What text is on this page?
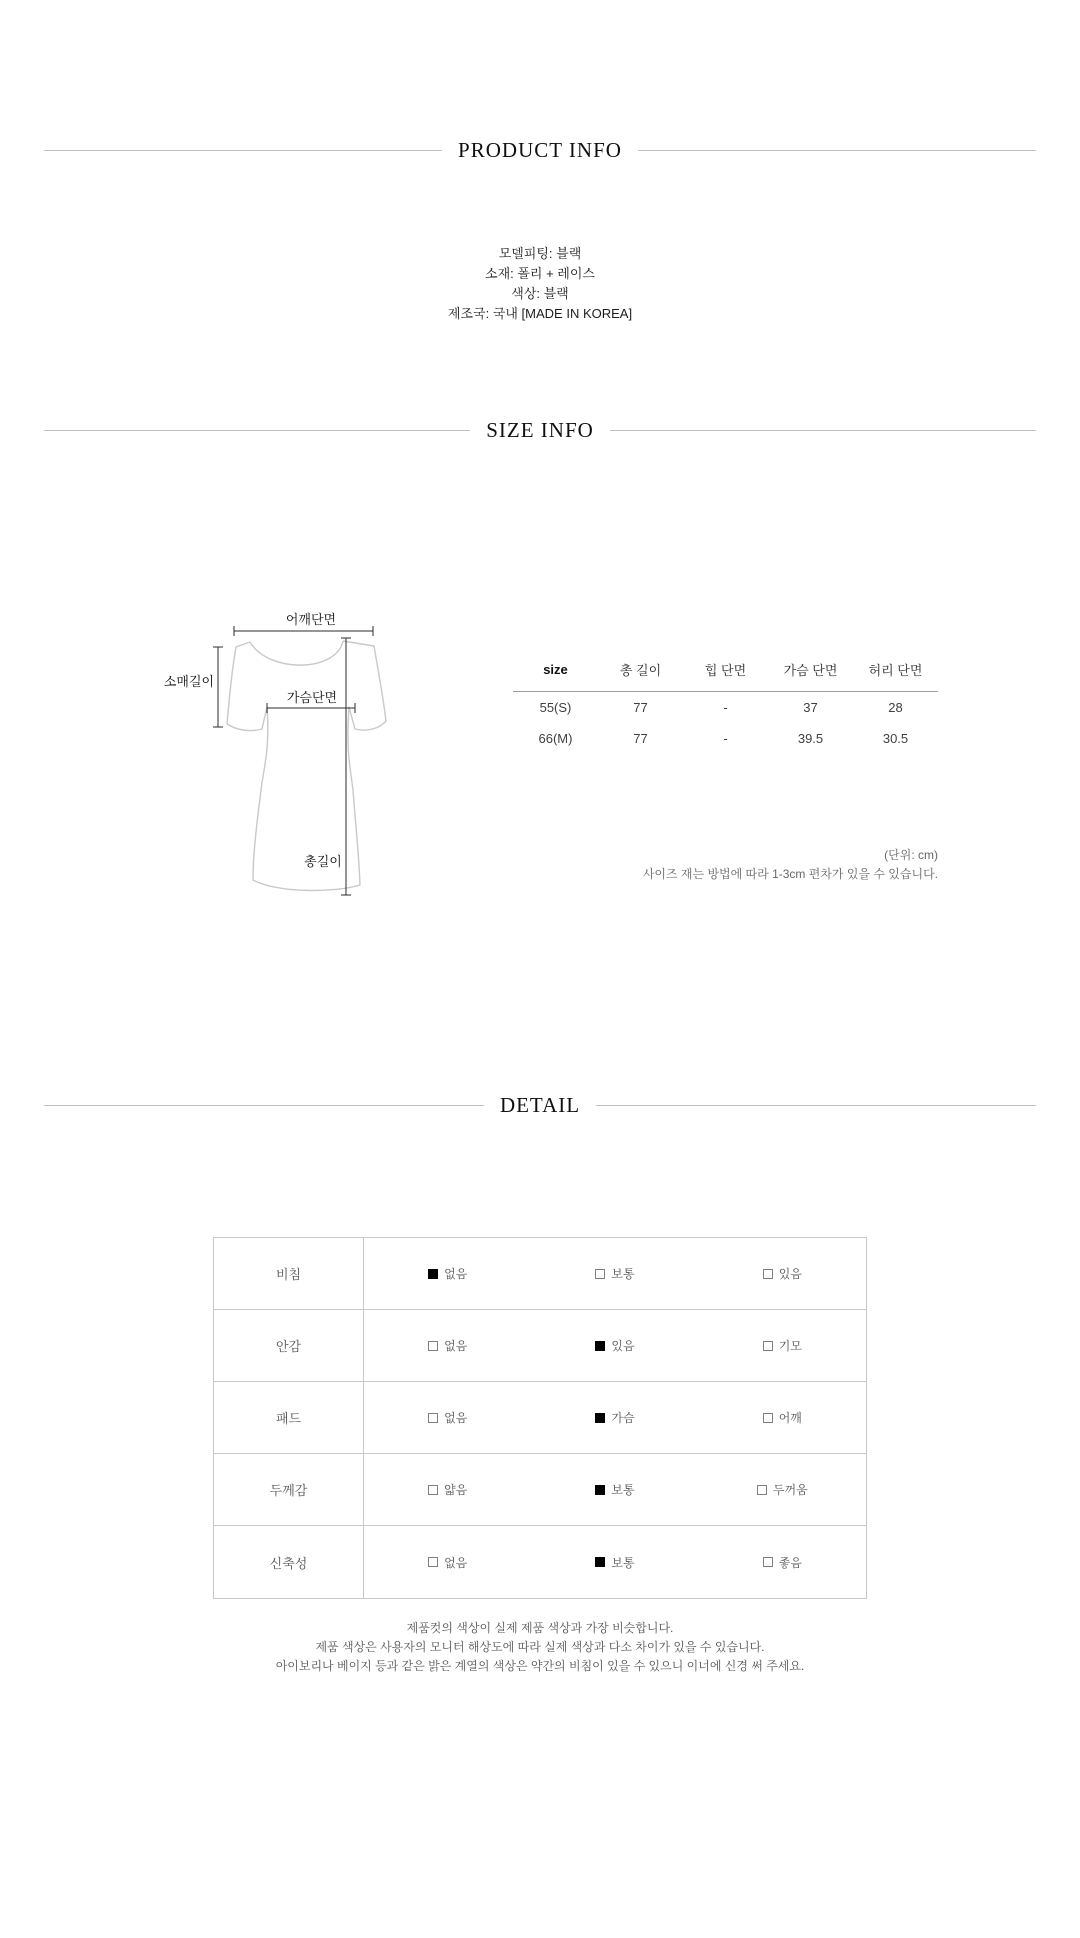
PRODUCT INFO
모델피팅: 블랙
소재: 폴리 + 레이스
색상: 블랙
제조국: 국내 [MADE IN KOREA]
SIZE INFO
어깨단면
소매길이
가슴단면
총길이
size	총 길이	힙 단면	가슴 단면	허리 단면
55(S)	77	-	37	28
66(M)	77	-	39.5	30.5
(단위: cm)
사이즈 재는 방법에 따라 1-3cm 편차가 있을 수 있습니다.
DETAIL
비침	없음	보통	있음
안감	없음	있음	기모
패드	없음	가슴	어깨
두께감	얇음	보통	두꺼움
신축성	없음	보통	좋음
제품컷의 색상이 실제 제품 색상과 가장 비슷합니다.
제품 색상은 사용자의 모니터 해상도에 따라 실제 색상과 다소 차이가 있을 수 있습니다.
아이보리나 베이지 등과 같은 밝은 계열의 색상은 약간의 비침이 있을 수 있으니 이너에 신경 써 주세요.
